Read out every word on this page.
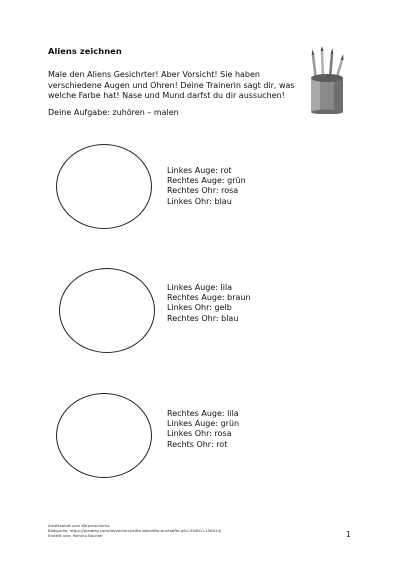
Aliens zeichnen
Male den Aliens Gesichrter! Aber Vorsicht! Sie haben verschiedene Augen und Ohren! Deine Trainerin sagt dir, was welche Farbe hat! Nase und Mund darfst du dir aussuchen!
Deine Aufgabe: zuhören – malen
Linkes Auge: rot
Rechtes Auge: grün
Rechtes Ohr: rosa
Linkes Ohr: blau
Linkes Auge: lila
Rechtes Auge: braun
Linkes Ohr: gelb
Rechtes Ohr: blau
Rechtes Auge: lila
Linkes Auge: grün
Linkes Ohr: rosa
Rechts Ohr: rot
Arbeitsblatt zum Körperschema
Bildquelle: https://pixabay.com/de/vectors/stifte-bleistifte-buntstifte-g%C3%BCn-156014/
Erstellt von: Pamina Bachler	1
